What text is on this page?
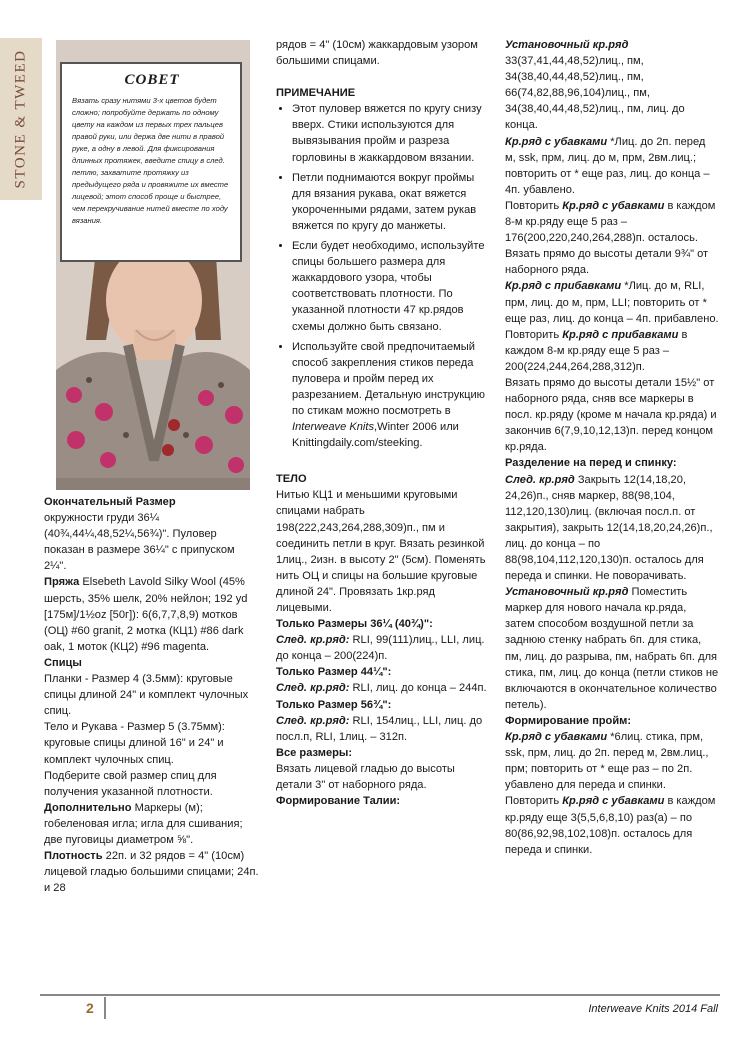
STONE & TWEED	СОВЕТ
Вязать сразу нитями 3-х цветов будет сложно; попробуйте держать по одному цвету на каждом из первых трех пальцев правой руки, или держа две нити в правой руке, а одну в левой. Для фиксирования длинных протяжек, введите спицу в след. петлю, захватите протяжку из предыдущего ряда и провяжите их вместе лицевой; этот способ проще и быстрее, чем перекручивание нитей вместе по ходу вязания.

Окончательный Размер

окружности груди 36¼ (40¾,44¼,48,52¼,56¾)". Пуловер показан в размере 36¼" с припуском 2¼".

Пряжа Elsebeth Lavold Silky Wool (45% шерсть, 35% шелк, 20% нейлон; 192 yd [175м]/1½oz [50г]): 6(6,7,7,8,9) мотков (ОЦ) #60 granit, 2 мотка (КЦ1) #86 dark oak, 1 моток (КЦ2) #96 magenta.

Спицы

Планки - Размер 4 (3.5мм): круговые спицы длиной 24" и комплект чулочных спиц.

Тело и Рукава - Размер 5 (3.75мм): круговые спицы длиной 16" и 24" и комплект чулочных спиц.

Подберите свой размер спиц для получения указанной плотности.

Дополнительно Маркеры (м); гобеленовая игла; игла для сшивания; две пуговицы диаметром ⅝".

Плотность 22п. и 32 рядов = 4" (10см) лицевой гладью большими спицами; 24п. и 28

рядов = 4" (10см) жаккардовым узором большими спицами.

ПРИМЕЧАНИЕ

• Этот пуловер вяжется по кругу снизу вверх. Стики используются для вывязывания пройм и разреза горловины в жаккардовом вязании.
• Петли поднимаются вокруг проймы для вязания рукава, окат вяжется укороченными рядами, затем рукав вяжется по кругу до манжеты.
• Если будет необходимо, используйте спицы большего размера для жаккардового узора, чтобы соответствовать плотности. По указанной плотности 47 кр.рядов схемы должно быть связано.
• Используйте свой предпочитаемый способ закрепления стиков переда пуловера и пройм перед их разрезанием. Детальную инструкцию по стикам можно посмотреть в Interweave Knits,Winter 2006 или Knittingdaily.com/steeking.

ТЕЛО

Нитью КЦ1 и меньшими круговыми спицами набрать 198(222,243,264,288,309)п., пм и соединить петли в круг. Вязать резинкой 1лиц., 2изн. в высоту 2" (5см). Поменять нить ОЦ и спицы на большие круговые длиной 24". Провязать 1кр.ряд лицевыми.

Только Размеры 36¼ (40¾)":

След. кр.ряд: RLI, 99(111)лиц., LLI, лиц. до конца – 200(224)п.

Только Размер 44¼":

След. кр.ряд: RLI, лиц. до конца – 244п.

Только Размер 56¾":

След. кр.ряд: RLI, 154лиц., LLI, лиц. до посл.п, RLI, 1лиц. – 312п.

Все размеры:

Вязать лицевой гладью до высоты детали 3" от наборного ряда.

Формирование Талии:

Установочный кр.ряд

33(37,41,44,48,52)лиц., пм, 34(38,40,44,48,52)лиц., пм, 66(74,82,88,96,104)лиц., пм, 34(38,40,44,48,52)лиц., пм, лиц. до конца.

Кр.ряд с убавками *Лиц. до 2п. перед м, ssk, прм, лиц. до м, прм, 2вм.лиц.; повторить от * еще раз, лиц. до конца – 4п. убавлено.

Повторить Кр.ряд с убавками в каждом 8-м кр.ряду еще 5 раз – 176(200,220,240,264,288)п. осталось.

Вязать прямо до высоты детали 9¾" от наборного ряда.

Кр.ряд с прибавками *Лиц. до м, RLI, прм, лиц. до м, прм, LLI; повторить от * еще раз, лиц. до конца – 4п. прибавлено.

Повторить Кр.ряд с прибавками в каждом 8-м кр.ряду еще 5 раз – 200(224,244,264,288,312)п.

Вязать прямо до высоты детали 15½" от наборного ряда, сняв все маркеры в посл. кр.ряду (кроме м начала кр.ряда) и закончив 6(7,9,10,12,13)п. перед концом кр.ряда.

Разделение на перед и спинку:

След. кр.ряд Закрыть 12(14,18,20, 24,26)п., сняв маркер, 88(98,104, 112,120,130)лиц. (включая посл.п. от закрытия), закрыть 12(14,18,20,24,26)п., лиц. до конца – по 88(98,104,112,120,130)п. осталось для переда и спинки. Не поворачивать.

Установочный кр.ряд Поместить маркер для нового начала кр.ряда, затем способом воздушной петли за заднюю стенку набрать 6п. для стика, пм, лиц. до разрыва, пм, набрать 6п. для стика, пм, лиц. до конца (петли стиков не включаются в окончательное количество петель).

Формирование пройм:

Кр.ряд с убавками *6лиц. стика, прм, ssk, прм, лиц. до 2п. перед м, 2вм.лиц., прм; повторить от * еще раз – по 2п. убавлено для переда и спинки.

Повторить Кр.ряд с убавками в каждом кр.ряду еще 3(5,5,6,8,10) раз(а) – по 80(86,92,98,102,108)п. осталось для переда и спинки.

2	Interweave Knits 2014 Fall
